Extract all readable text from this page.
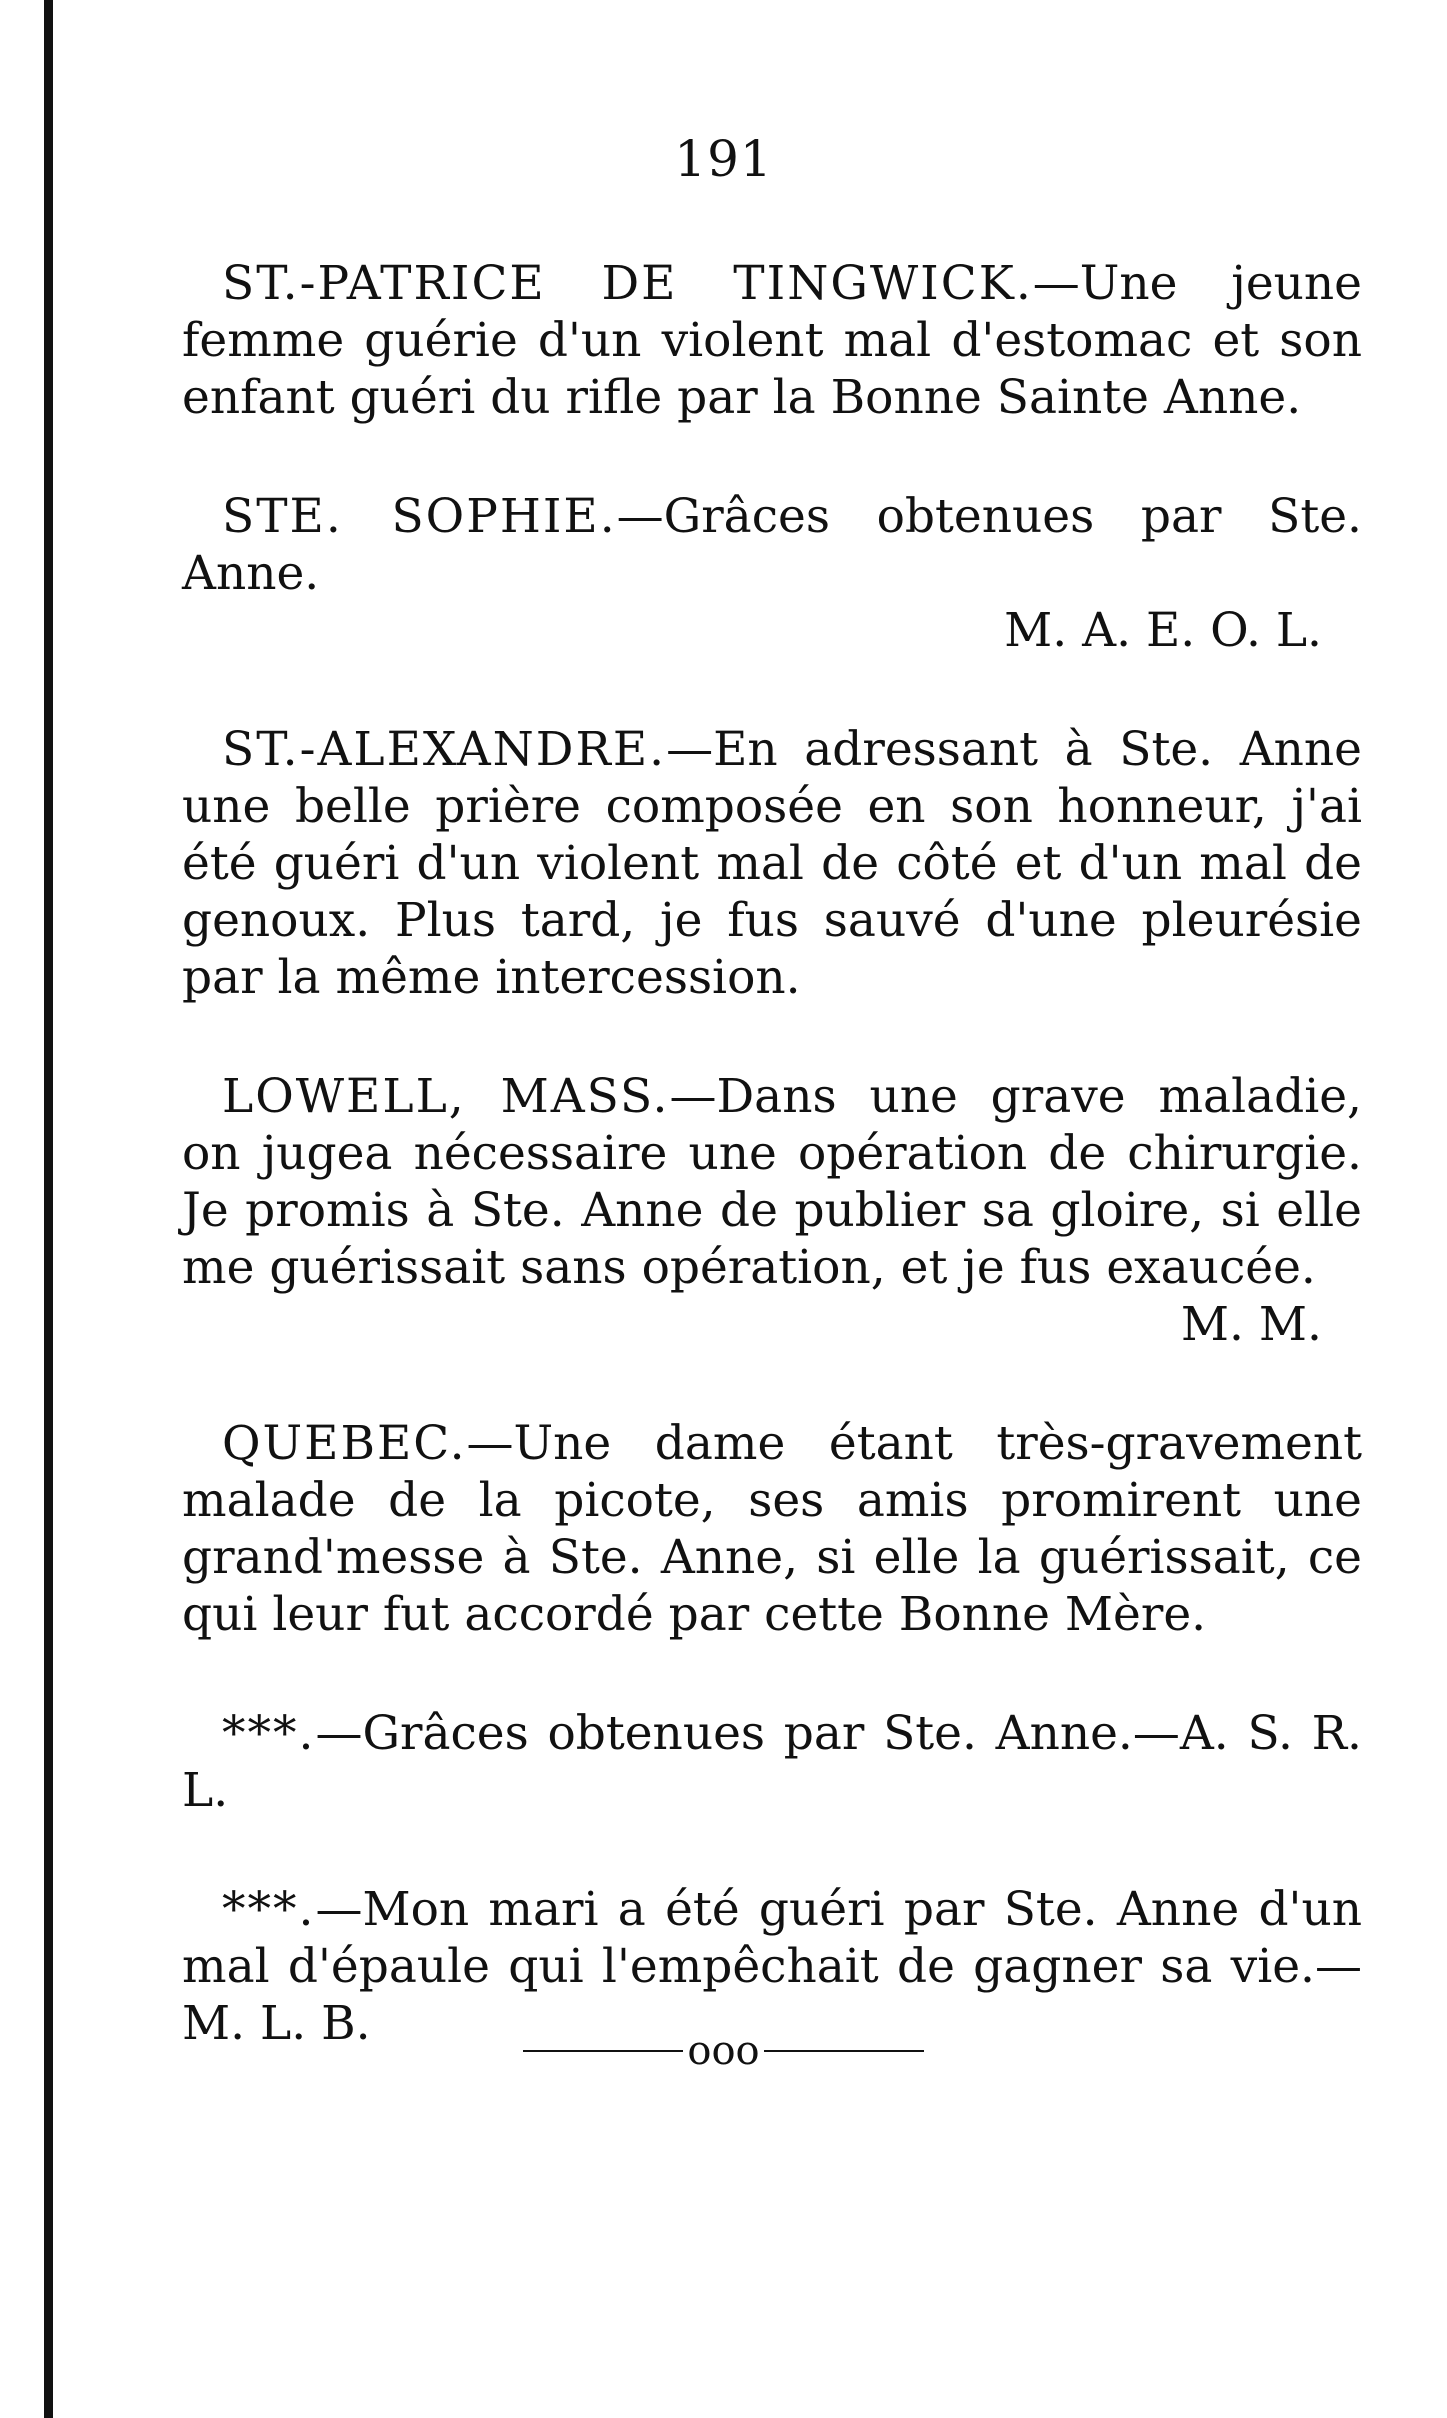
191

ST.-PATRICE DE TINGWICK.—Une jeune femme guérie d'un violent mal d'estomac et son enfant guéri du rifle par la Bonne Sainte Anne.

STE. SOPHIE.—Grâces obtenues par Ste. Anne.

M. A. E. O. L.

ST.-ALEXANDRE.—En adressant à Ste. Anne une belle prière composée en son honneur, j'ai été guéri d'un violent mal de côté et d'un mal de genoux. Plus tard, je fus sauvé d'une pleurésie par la même intercession.

LOWELL, MASS.—Dans une grave maladie, on jugea nécessaire une opération de chirurgie. Je promis à Ste. Anne de publier sa gloire, si elle me guérissait sans opération, et je fus exaucée.

M. M.

QUEBEC.—Une dame étant très-gravement malade de la picote, ses amis promirent une grand'messe à Ste. Anne, si elle la guérissait, ce qui leur fut accordé par cette Bonne Mère.

***.—Grâces obtenues par Ste. Anne.—A. S. R. L.

***.—Mon mari a été guéri par Ste. Anne d'un mal d'épaule qui l'empêchait de gagner sa vie.—M. L. B.	ooo
